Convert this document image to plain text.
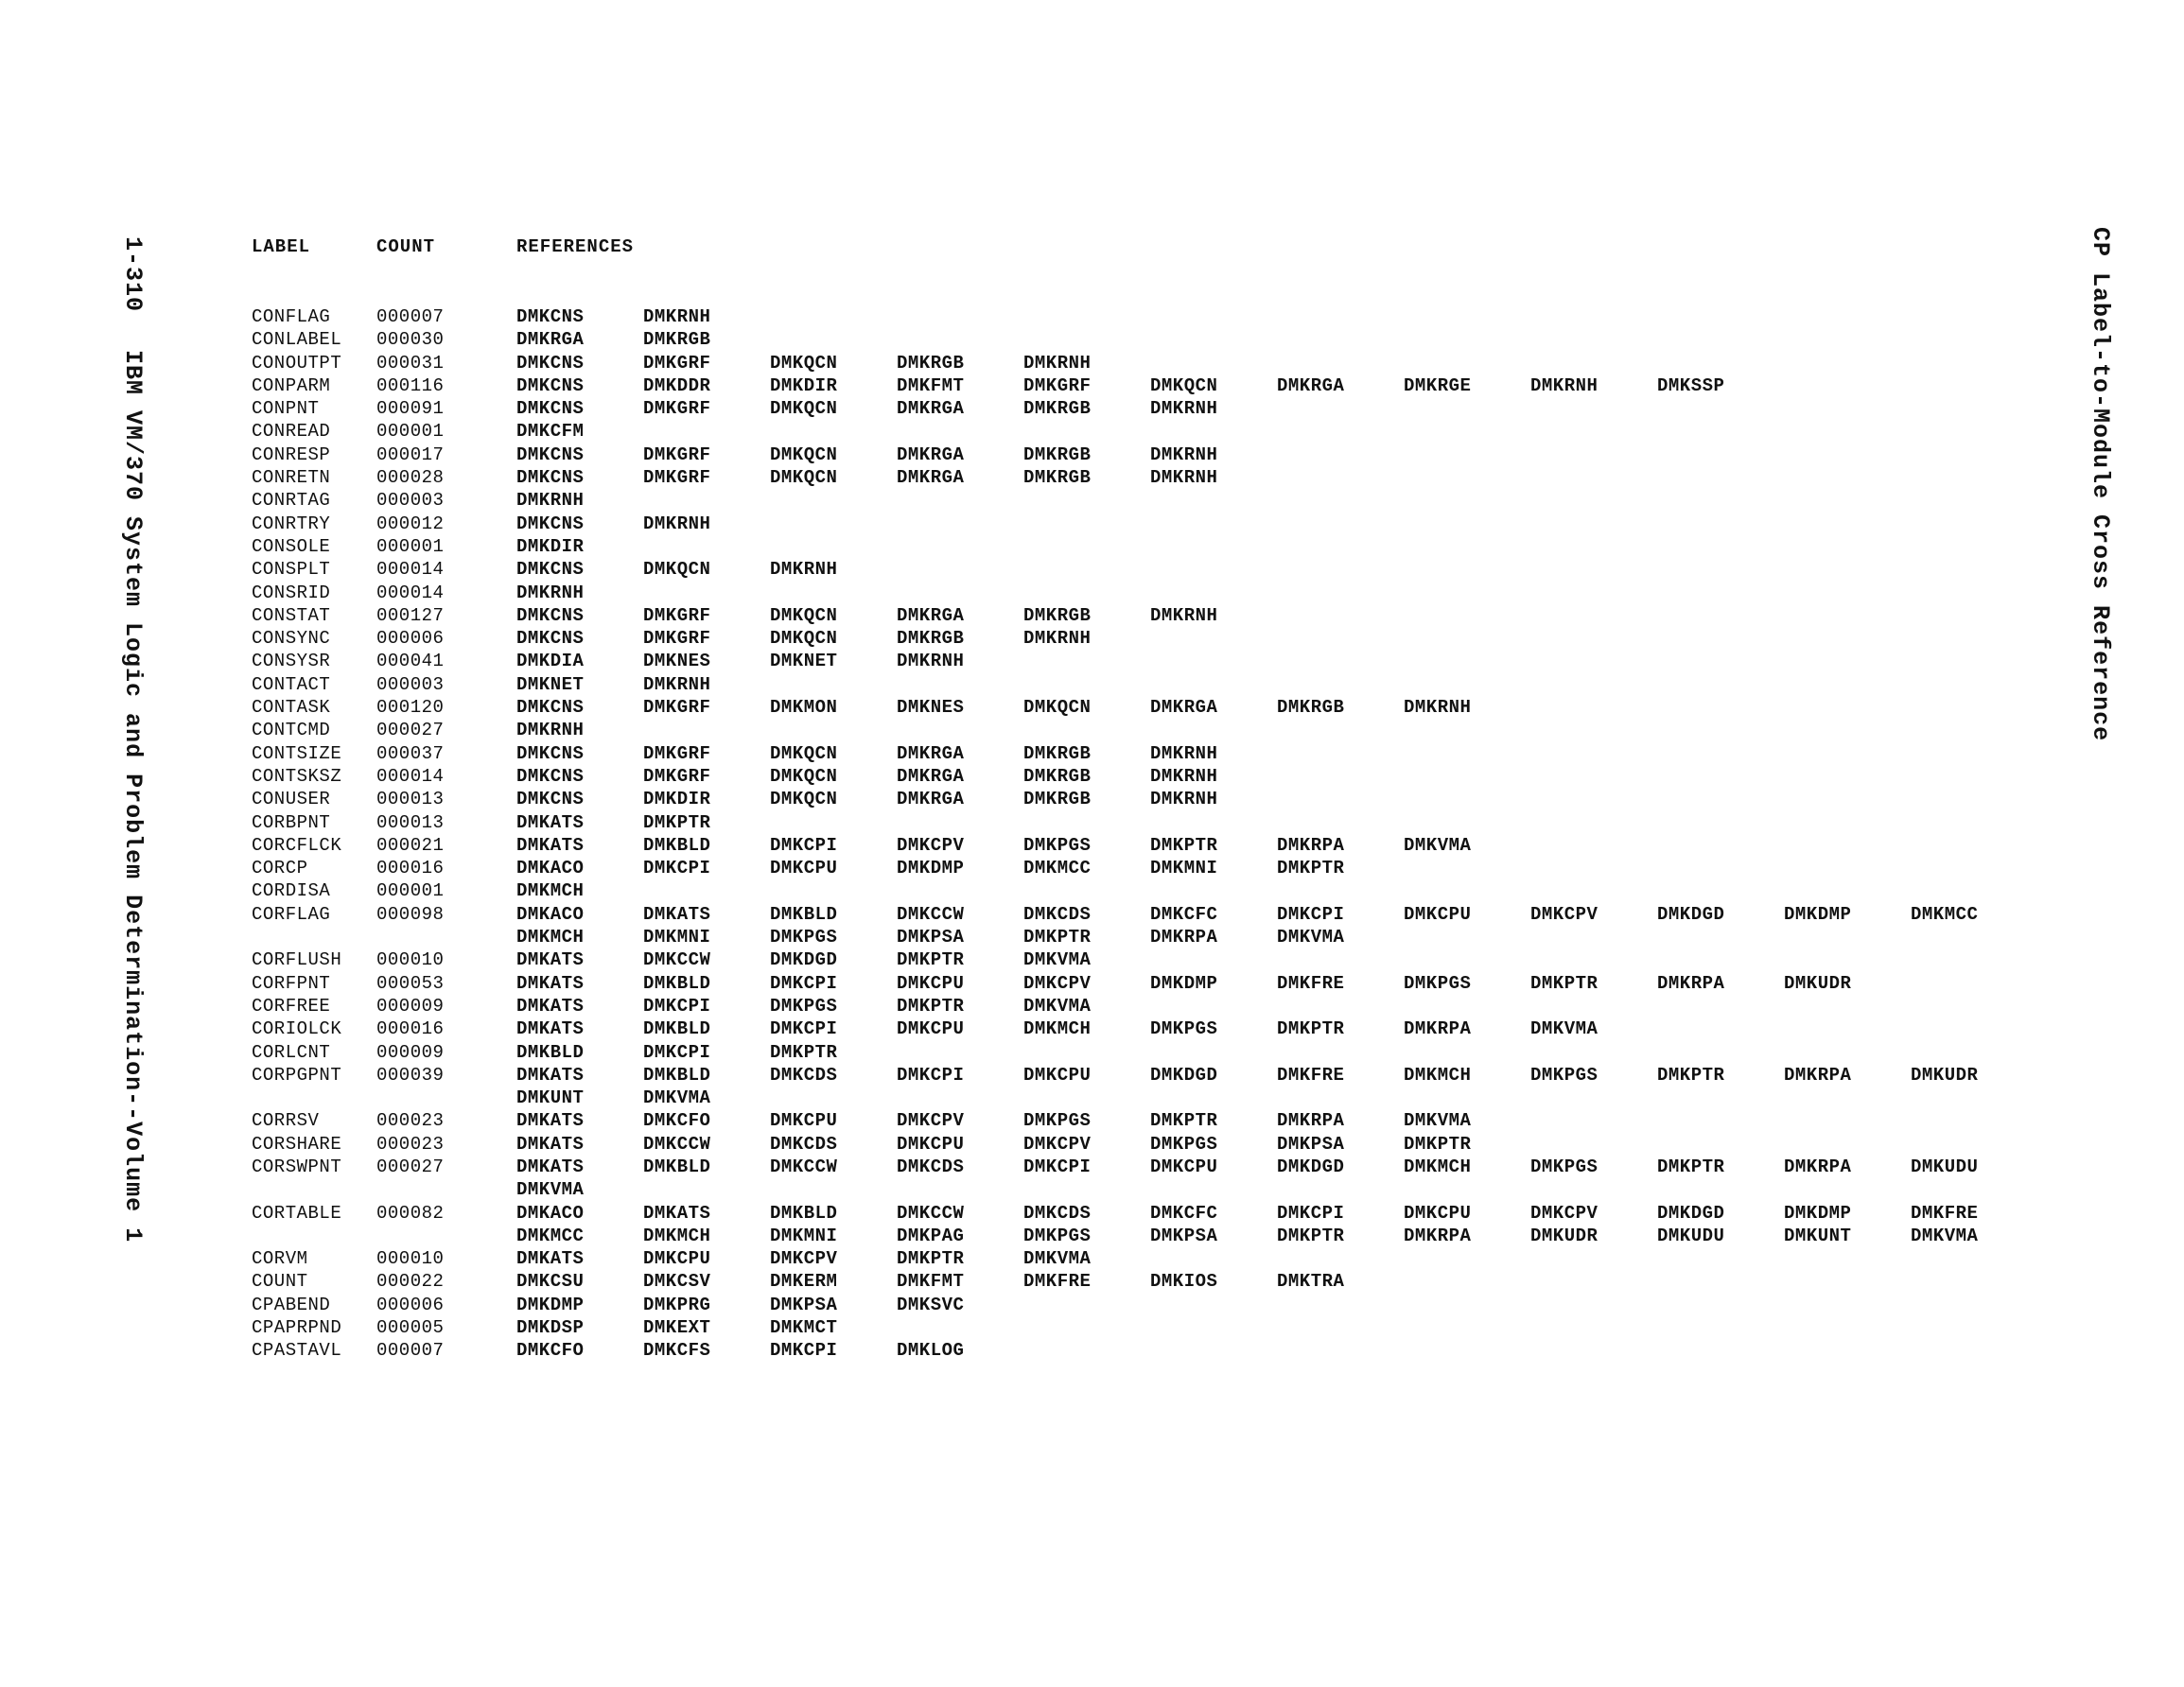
1-310 IBM VM/370 System Logic and Problem Determination--Volume 1	CP Label-to-Module Cross Reference
LABEL	COUNT	REFERENCES
CONFLAG	000007	DMKCNS	DMKRNH
CONLABEL 000030	DMKRGA	DMKRGB
CONOUTPT 000031	DMKCNS	DMKGRF	DMKQCN	DMKRGB	DMKRNH
CONPARM	000116	DMKCNS	DMKDDR	DMKDIR	DMKFMT	DMKGRF	DMKQCN	DMKRGA	DMKRGE	DMKRNH	DMKSSP
CONPNT	000091	DMKCNS	DMKGRF	DMKQCN	DMKRGA	DMKRGB	DMKRNH
CONREAD	000001	DMKCFM
CONRESP	000017	DMKCNS	DMKGRF	DMKQCN	DMKRGA	DMKRGB	DMKRNH
CONRETN	000028	DMKCNS	DMKGRF	DMKQCN	DMKRGA	DMKRGB	DMKRNH
CONRTAG	000003	DMKRNH
CONRTRY	000012	DMKCNS	DMKRNH
CONSOLE	000001	DMKDIR
CONSPLT	000014	DMKCNS	DMKQCN	DMKRNH
CONSRID	000014	DMKRNH
CONSTAT	000127	DMKCNS	DMKGRF	DMKQCN	DMKRGA	DMKRGB	DMKRNH
CONSYNC	000006	DMKCNS	DMKGRF	DMKQCN	DMKRGB	DMKRNH
CONSYSR	000041	DMKDIA	DMKNES	DMKNET	DMKRNH
CONTACT	000003	DMKNET	DMKRNH
CONTASK	000120	DMKCNS	DMKGRF	DMKMON	DMKNES	DMKQCN	DMKRGA	DMKRGB	DMKRNH
CONTCMD	000027	DMKRNH
CONTSIZE 000037	DMKCNS	DMKGRF	DMKQCN	DMKRGA	DMKRGB	DMKRNH
CONTSKSZ 000014	DMKCNS	DMKGRF	DMKQCN	DMKRGA	DMKRGB	DMKRNH
CONUSER	000013	DMKCNS	DMKDIR	DMKQCN	DMKRGA	DMKRGB	DMKRNH
CORBPNT	000013	DMKATS	DMKPTR
CORCFLCK 000021	DMKATS	DMKBLD	DMKCPI	DMKCPV	DMKPGS	DMKPTR	DMKRPA	DMKVMA
CORCP	000016	DMKACO	DMKCPI	DMKCPU	DMKDMP	DMKMCC	DMKMNI	DMKPTR
CORDISA	000001	DMKMCH
CORFLAG	000098	DMKACO	DMKATS	DMKBLD	DMKCCW	DMKCDS	DMKCFC	DMKCPI	DMKCPU	DMKCPV	DMKDGD	DMKDMP	DMKMCC
DMKMCH	DMKMNI	DMKPGS	DMKPSA	DMKPTR	DMKRPA	DMKVMA
CORFLUSH 000010	DMKATS	DMKCCW	DMKDGD	DMKPTR	DMKVMA
CORFPNT	000053	DMKATS	DMKBLD	DMKCPI	DMKCPU	DMKCPV	DMKDMP	DMKFRE	DMKPGS	DMKPTR	DMKRPA	DMKUDR
CORFREE	000009	DMKATS	DMKCPI	DMKPGS	DMKPTR	DMKVMA
CORIOLCK 000016	DMKATS	DMKBLD	DMKCPI	DMKCPU	DMKMCH	DMKPGS	DMKPTR	DMKRPA	DMKVMA
CORLCNT	000009	DMKBLD	DMKCPI	DMKPTR
CORPGPNT 000039	DMKATS	DMKBLD	DMKCDS	DMKCPI	DMKCPU	DMKDGD	DMKFRE	DMKMCH	DMKPGS	DMKPTR	DMKRPA	DMKUDR
DMKUNT	DMKVMA
CORRSV	000023	DMKATS	DMKCFO	DMKCPU	DMKCPV	DMKPGS	DMKPTR	DMKRPA	DMKVMA
CORSHARE 000023	DMKATS	DMKCCW	DMKCDS	DMKCPU	DMKCPV	DMKPGS	DMKPSA	DMKPTR
CORSWPNT 000027	DMKATS	DMKBLD	DMKCCW	DMKCDS	DMKCPI	DMKCPU	DMKDGD	DMKMCH	DMKPGS	DMKPTR	DMKRPA	DMKUDU
DMKVMA
CORTABLE 000082	DMKACO	DMKATS	DMKBLD	DMKCCW	DMKCDS	DMKCFC	DMKCPI	DMKCPU	DMKCPV	DMKDGD	DMKDMP	DMKFRE
DMKMCC	DMKMCH	DMKMNI	DMKPAG	DMKPGS	DMKPSA	DMKPTR	DMKRPA	DMKUDR	DMKUDU	DMKUNT	DMKVMA
CORVM	000010	DMKATS	DMKCPU	DMKCPV	DMKPTR	DMKVMA
COUNT	000022	DMKCSU	DMKCSV	DMKERM	DMKFMT	DMKFRE	DMKIOS	DMKTRA
CPABEND	000006	DMKDMP	DMKPRG	DMKPSA	DMKSVC
CPAPRPND 000005	DMKDSP	DMKEXT	DMKMCT
CPASTAVL 000007	DMKCFO	DMKCFS	DMKCPI	DMKLOG
